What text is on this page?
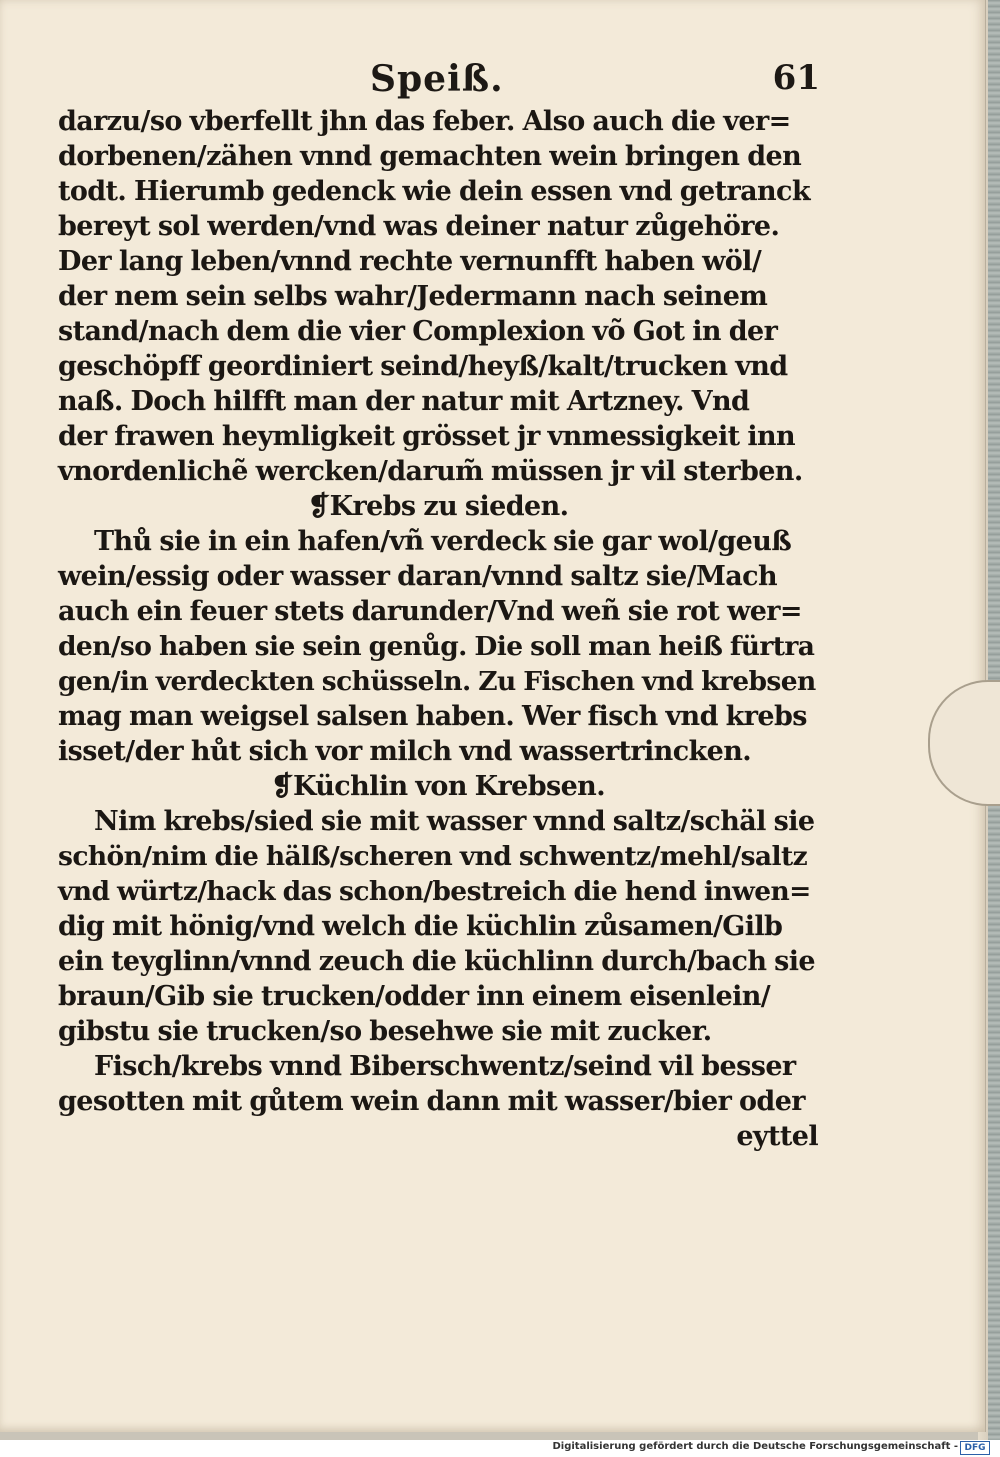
Speiß.	61
darzu/so vberfellt jhn das feber. Also auch die ver=
dorbenen/zähen vnnd gemachten wein bringen den
todt. Hierumb gedenck wie dein essen vnd getranck
bereyt sol werden/vnd was deiner natur zůgehöre.
Der lang leben/vnnd rechte vernunfft haben wöl/
der nem sein selbs wahr/Jedermann nach seinem
stand/nach dem die vier Complexion võ Got in der
geschöpff geordiniert seind/heyß/kalt/trucken vnd
naß. Doch hilfft man der natur mit Artzney. Vnd
der frawen heymligkeit grösset jr vnmessigkeit inn
vnordenlichẽ wercken/darum̃ müssen jr vil sterben.
❡Krebs zu sieden.
Thů sie in ein hafen/vñ verdeck sie gar wol/geuß
wein/essig oder wasser daran/vnnd saltz sie/Mach
auch ein feuer stets darunder/Vnd weñ sie rot wer=
den/so haben sie sein genůg. Die soll man heiß fürtra
gen/in verdeckten schüsseln. Zu Fischen vnd krebsen
mag man weigsel salsen haben. Wer fisch vnd krebs
isset/der hůt sich vor milch vnd wassertrincken.
❡Küchlin von Krebsen.
Nim krebs/sied sie mit wasser vnnd saltz/schäl sie
schön/nim die hälß/scheren vnd schwentz/mehl/saltz
vnd würtz/hack das schon/bestreich die hend inwen=
dig mit hönig/vnd welch die küchlin zůsamen/Gilb
ein teyglinn/vnnd zeuch die küchlinn durch/bach sie
braun/Gib sie trucken/odder inn einem eisenlein/
gibstu sie trucken/so besehwe sie mit zucker.
Fisch/krebs vnnd Biberschwentz/seind vil besser
gesotten mit gůtem wein dann mit wasser/bier oder
eyttel
Digitalisierung gefördert durch die Deutsche Forschungsgemeinschaft - DFG
